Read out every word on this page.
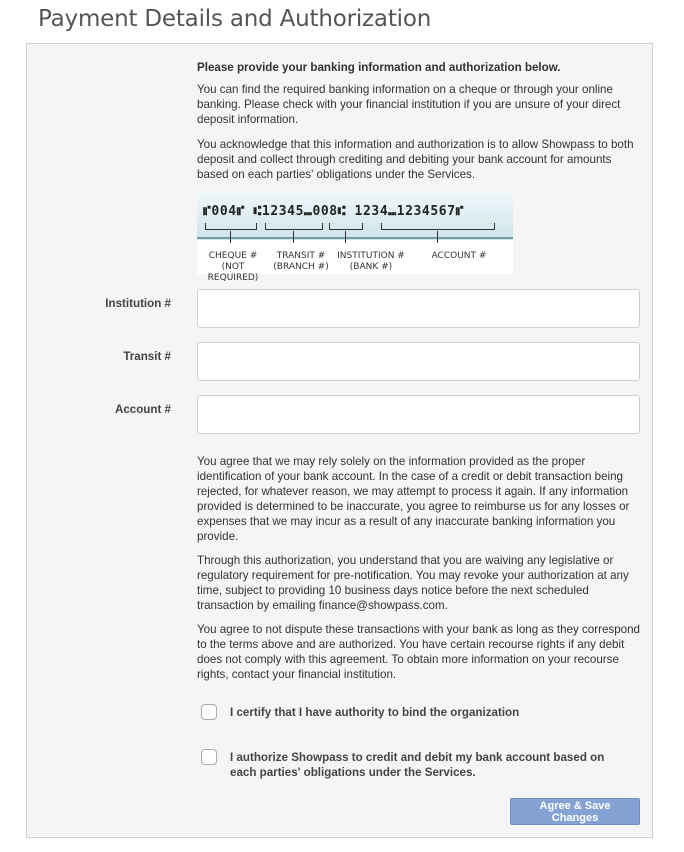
Payment Details and Authorization
Please provide your banking information and authorization below.
You can find the required banking information on a cheque or through your online banking. Please check with your financial institution if you are unsure of your direct deposit information.
You acknowledge that this information and authorization is to allow Showpass to both deposit and collect through crediting and debiting your bank account for amounts based on each parties' obligations under the Services.
⑈004⑈ ⑆12345⑉008⑆ 1234⑉1234567⑈
CHEQUE #
(NOT REQUIRED)
TRANSIT #
(BRANCH #)
INSTITUTION #
(BANK #)
ACCOUNT #
Institution #
Transit #
Account #
You agree that we may rely solely on the information provided as the proper identification of your bank account. In the case of a credit or debit transaction being rejected, for whatever reason, we may attempt to process it again. If any information provided is determined to be inaccurate, you agree to reimburse us for any losses or expenses that we may incur as a result of any inaccurate banking information you provide.
Through this authorization, you understand that you are waiving any legislative or regulatory requirement for pre-notification. You may revoke your authorization at any time, subject to providing 10 business days notice before the next scheduled transaction by emailing finance@showpass.com.
You agree to not dispute these transactions with your bank as long as they correspond to the terms above and are authorized. You have certain recourse rights if any debit does not comply with this agreement. To obtain more information on your recourse rights, contact your financial institution.
I certify that I have authority to bind the organization
I authorize Showpass to credit and debit my bank account based on each parties' obligations under the Services.
Agree & Save Changes
